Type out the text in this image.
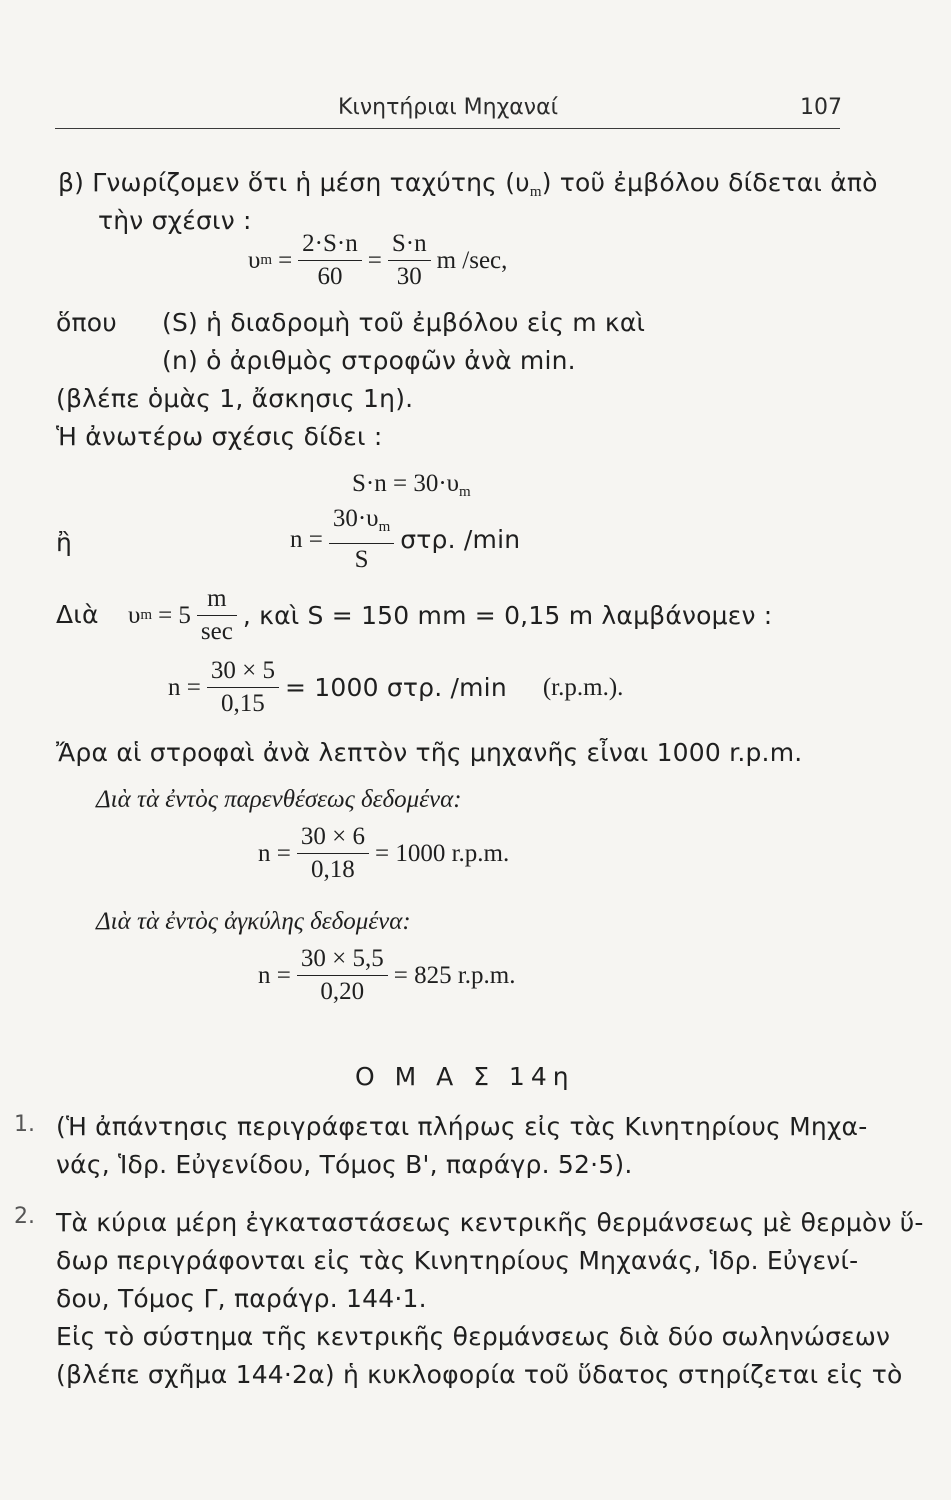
Κινητήριαι Μηχαναί	107
β) Γνωρίζομεν ὅτι ἡ μέση ταχύτης $(\upsilon_m)$ τοῦ ἐμβόλου δίδεται ἀπὸ
τὴν σχέσιν :
υ $m = \frac{2\cdot S\cdot n}{60} = \frac{S\cdot n}{30}$ m /sec,
ὅπου (S) ἡ διαδρομὴ τοῦ ἐμβόλου εἰς m καὶ
(n) ὁ ἀριθμὸς στροφῶν ἀνὰ min.
(βλέπε ὁμὰς 1, ἄσκησις 1η).
Ἡ ἀνωτέρω σχέσις δίδει :
$S\cdot n = 30\cdot\upsilon_m$
ἢ	$n = \frac{30\cdot\upsilon_m}{S} \sigma\tau\rho$. /min
Διὰ υ $m = 5 \frac{m}{\sec}$ , καὶ S = 150 mm = 0,15 m λαμβάνομεν :
$n = \frac{30 \times 5}{0,15} = 1000$ στρ. /min (r.p.m.).
Ἄρα αἱ στροφαὶ ἀνὰ λεπτὸν τῆς μηχανῆς εἶναι 1000 r.p.m.
Διὰ τὰ ἐντὸς παρενθέσεως δεδομένα:
$n = \frac{30 \times 6}{0,18} = 1000$ r.p.m.
Διὰ τὰ ἐντὸς ἀγκύλης δεδομένα:
$n = \frac{30 \times 5,5}{0,20} = 825$ r.p.m.
Ο Μ Α Σ 14η
1. (Ἡ ἀπάντησις περιγράφεται πλήρως εἰς τὰς Κινητηρίους Μηχα-
νάς, Ἱδρ. Εὐγενίδου, Τόμος Β', παράγρ. 52·5).
2. Τὰ κύρια μέρη ἐγκαταστάσεως κεντρικῆς θερμάνσεως μὲ θερμὸν ὕ-
δωρ περιγράφονται εἰς τὰς Κινητηρίους Μηχανάς, Ἱδρ. Εὐγενί-
δου, Τόμος Γ, παράγρ. 144·1.
Εἰς τὸ σύστημα τῆς κεντρικῆς θερμάνσεως διὰ δύο σωληνώσεων
(βλέπε σχῆμα 144·2α) ἡ κυκλοφορία τοῦ ὕδατος στηρίζεται εἰς τὸ
